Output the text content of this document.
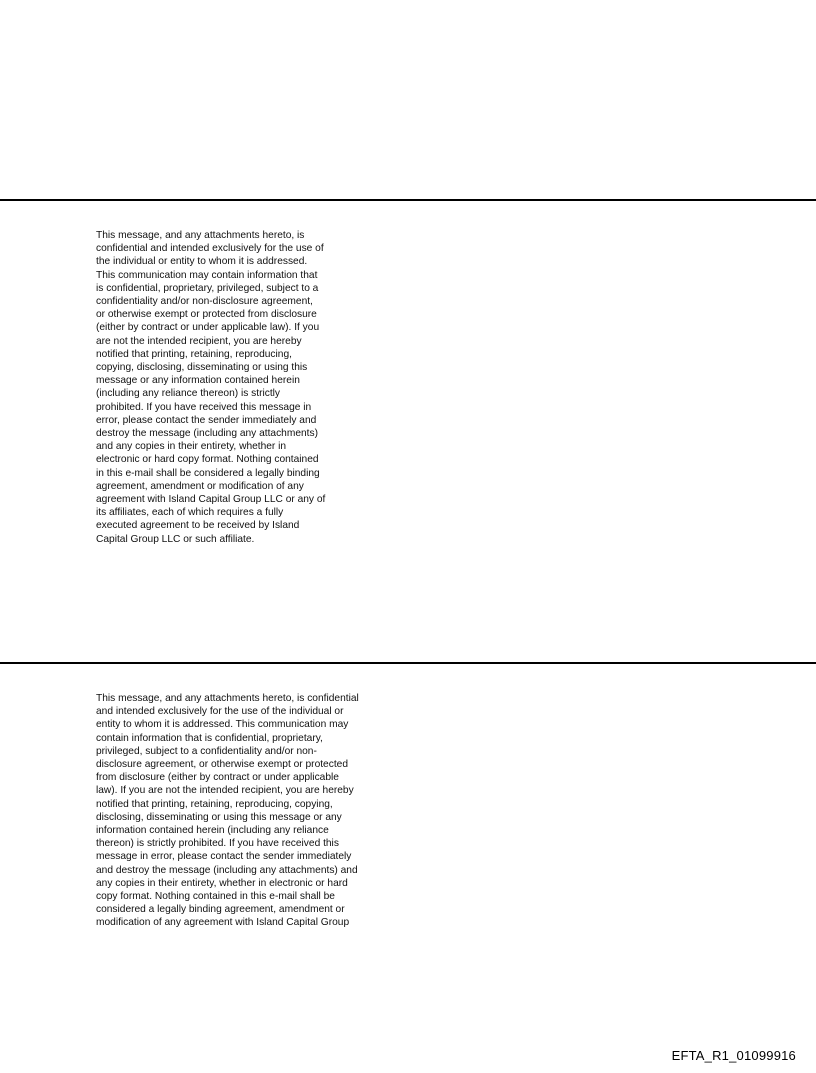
This message, and any attachments hereto, is
confidential and intended exclusively for the use of
the individual or entity to whom it is addressed.
This communication may contain information that
is confidential, proprietary, privileged, subject to a
confidentiality and/or non-disclosure agreement,
or otherwise exempt or protected from disclosure
(either by contract or under applicable law). If you
are not the intended recipient, you are hereby
notified that printing, retaining, reproducing,
copying, disclosing, disseminating or using this
message or any information contained herein
(including any reliance thereon) is strictly
prohibited. If you have received this message in
error, please contact the sender immediately and
destroy the message (including any attachments)
and any copies in their entirety, whether in
electronic or hard copy format. Nothing contained
in this e-mail shall be considered a legally binding
agreement, amendment or modification of any
agreement with Island Capital Group LLC or any of
its affiliates, each of which requires a fully
executed agreement to be received by Island
Capital Group LLC or such affiliate.
This message, and any attachments hereto, is confidential
and intended exclusively for the use of the individual or
entity to whom it is addressed. This communication may
contain information that is confidential, proprietary,
privileged, subject to a confidentiality and/or non-
disclosure agreement, or otherwise exempt or protected
from disclosure (either by contract or under applicable
law). If you are not the intended recipient, you are hereby
notified that printing, retaining, reproducing, copying,
disclosing, disseminating or using this message or any
information contained herein (including any reliance
thereon) is strictly prohibited. If you have received this
message in error, please contact the sender immediately
and destroy the message (including any attachments) and
any copies in their entirety, whether in electronic or hard
copy format. Nothing contained in this e-mail shall be
considered a legally binding agreement, amendment or
modification of any agreement with Island Capital Group
EFTA_R1_01099916
